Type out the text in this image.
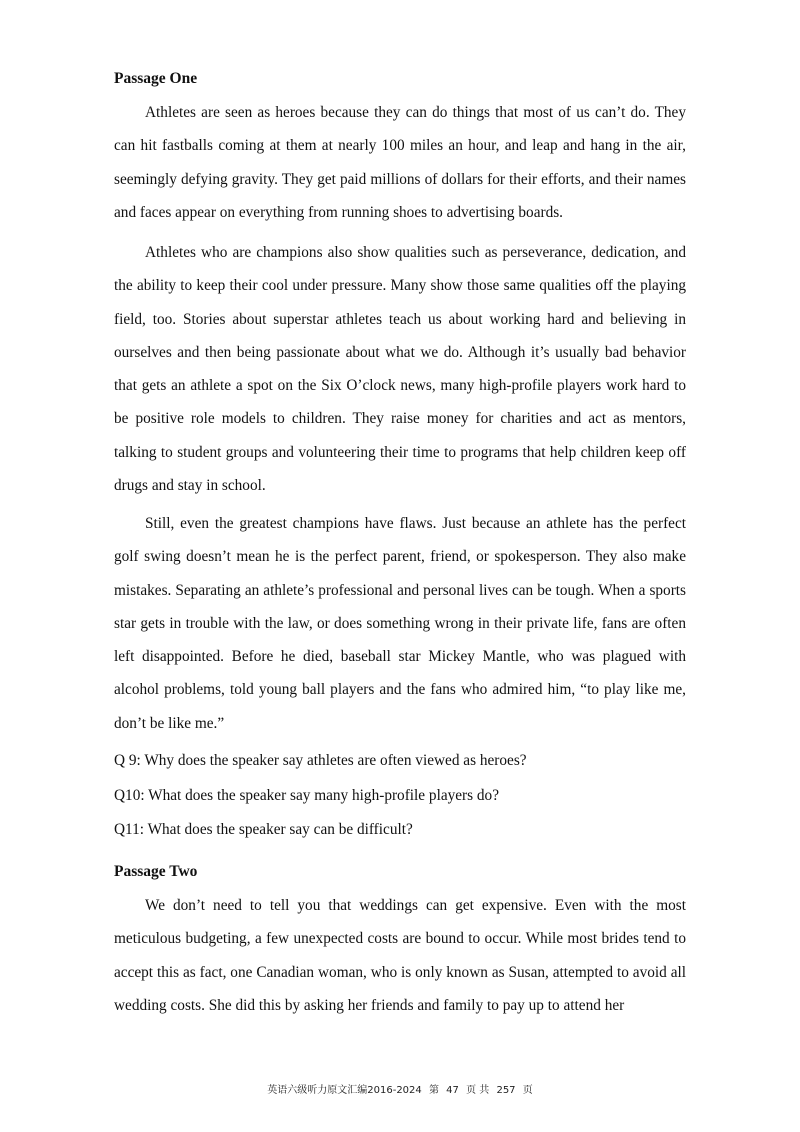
Passage One

Athletes are seen as heroes because they can do things that most of us can’t do. They can hit fastballs coming at them at nearly 100 miles an hour, and leap and hang in the air, seemingly defying gravity. They get paid millions of dollars for their efforts, and their names and faces appear on everything from running shoes to advertising boards.

Athletes who are champions also show qualities such as perseverance, dedication, and the ability to keep their cool under pressure. Many show those same qualities off the playing field, too. Stories about superstar athletes teach us about working hard and believing in ourselves and then being passionate about what we do. Although it’s usually bad behavior that gets an athlete a spot on the Six O’clock news, many high-profile players work hard to be positive role models to children. They raise money for charities and act as mentors, talking to student groups and volunteering their time to programs that help children keep off drugs and stay in school.

Still, even the greatest champions have flaws. Just because an athlete has the perfect golf swing doesn’t mean he is the perfect parent, friend, or spokesperson. They also make mistakes. Separating an athlete’s professional and personal lives can be tough. When a sports star gets in trouble with the law, or does something wrong in their private life, fans are often left disappointed. Before he died, baseball star Mickey Mantle, who was plagued with alcohol problems, told young ball players and the fans who admired him, “to play like me, don’t be like me.”

Q 9: Why does the speaker say athletes are often viewed as heroes?

Q10: What does the speaker say many high-profile players do?

Q11: What does the speaker say can be difficult?

Passage Two

We don’t need to tell you that weddings can get expensive. Even with the most meticulous budgeting, a few unexpected costs are bound to occur. While most brides tend to accept this as fact, one Canadian woman, who is only known as Susan, attempted to avoid all wedding costs. She did this by asking her friends and family to pay up to attend her

英语六级听力原文汇编2016-2024 第 47 页 共 257 页
